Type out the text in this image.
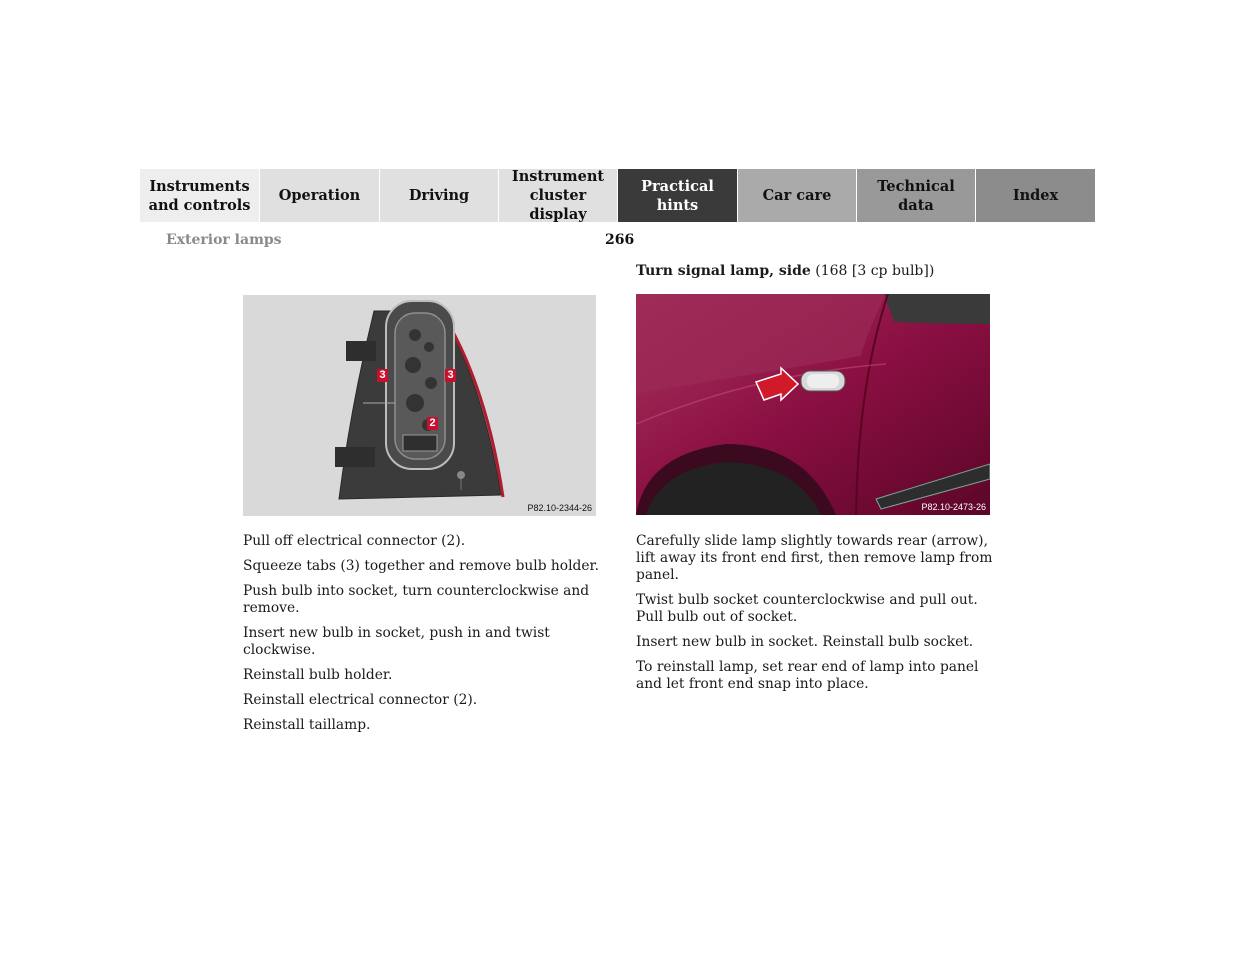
Instruments
and controls
Operation	Driving
Instrument
cluster display
Practical hints
Car care
Technical
data
Index
Exterior lamps	266
3	3
2
P82.10-2344-26
Turn signal lamp, side (168 [3 cp bulb])
P82.10-2473-26

Pull off electrical connector (2).

Squeeze tabs (3) together and remove bulb holder.

Push bulb into socket, turn counterclockwise and remove.

Insert new bulb in socket, push in and twist clockwise.

Reinstall bulb holder.

Reinstall electrical connector (2).

Reinstall taillamp.

Carefully slide lamp slightly towards rear (arrow), lift away its front end first, then remove lamp from panel.

Twist bulb socket counterclockwise and pull out. Pull bulb out of socket.

Insert new bulb in socket. Reinstall bulb socket.

To reinstall lamp, set rear end of lamp into panel and let front end snap into place.
